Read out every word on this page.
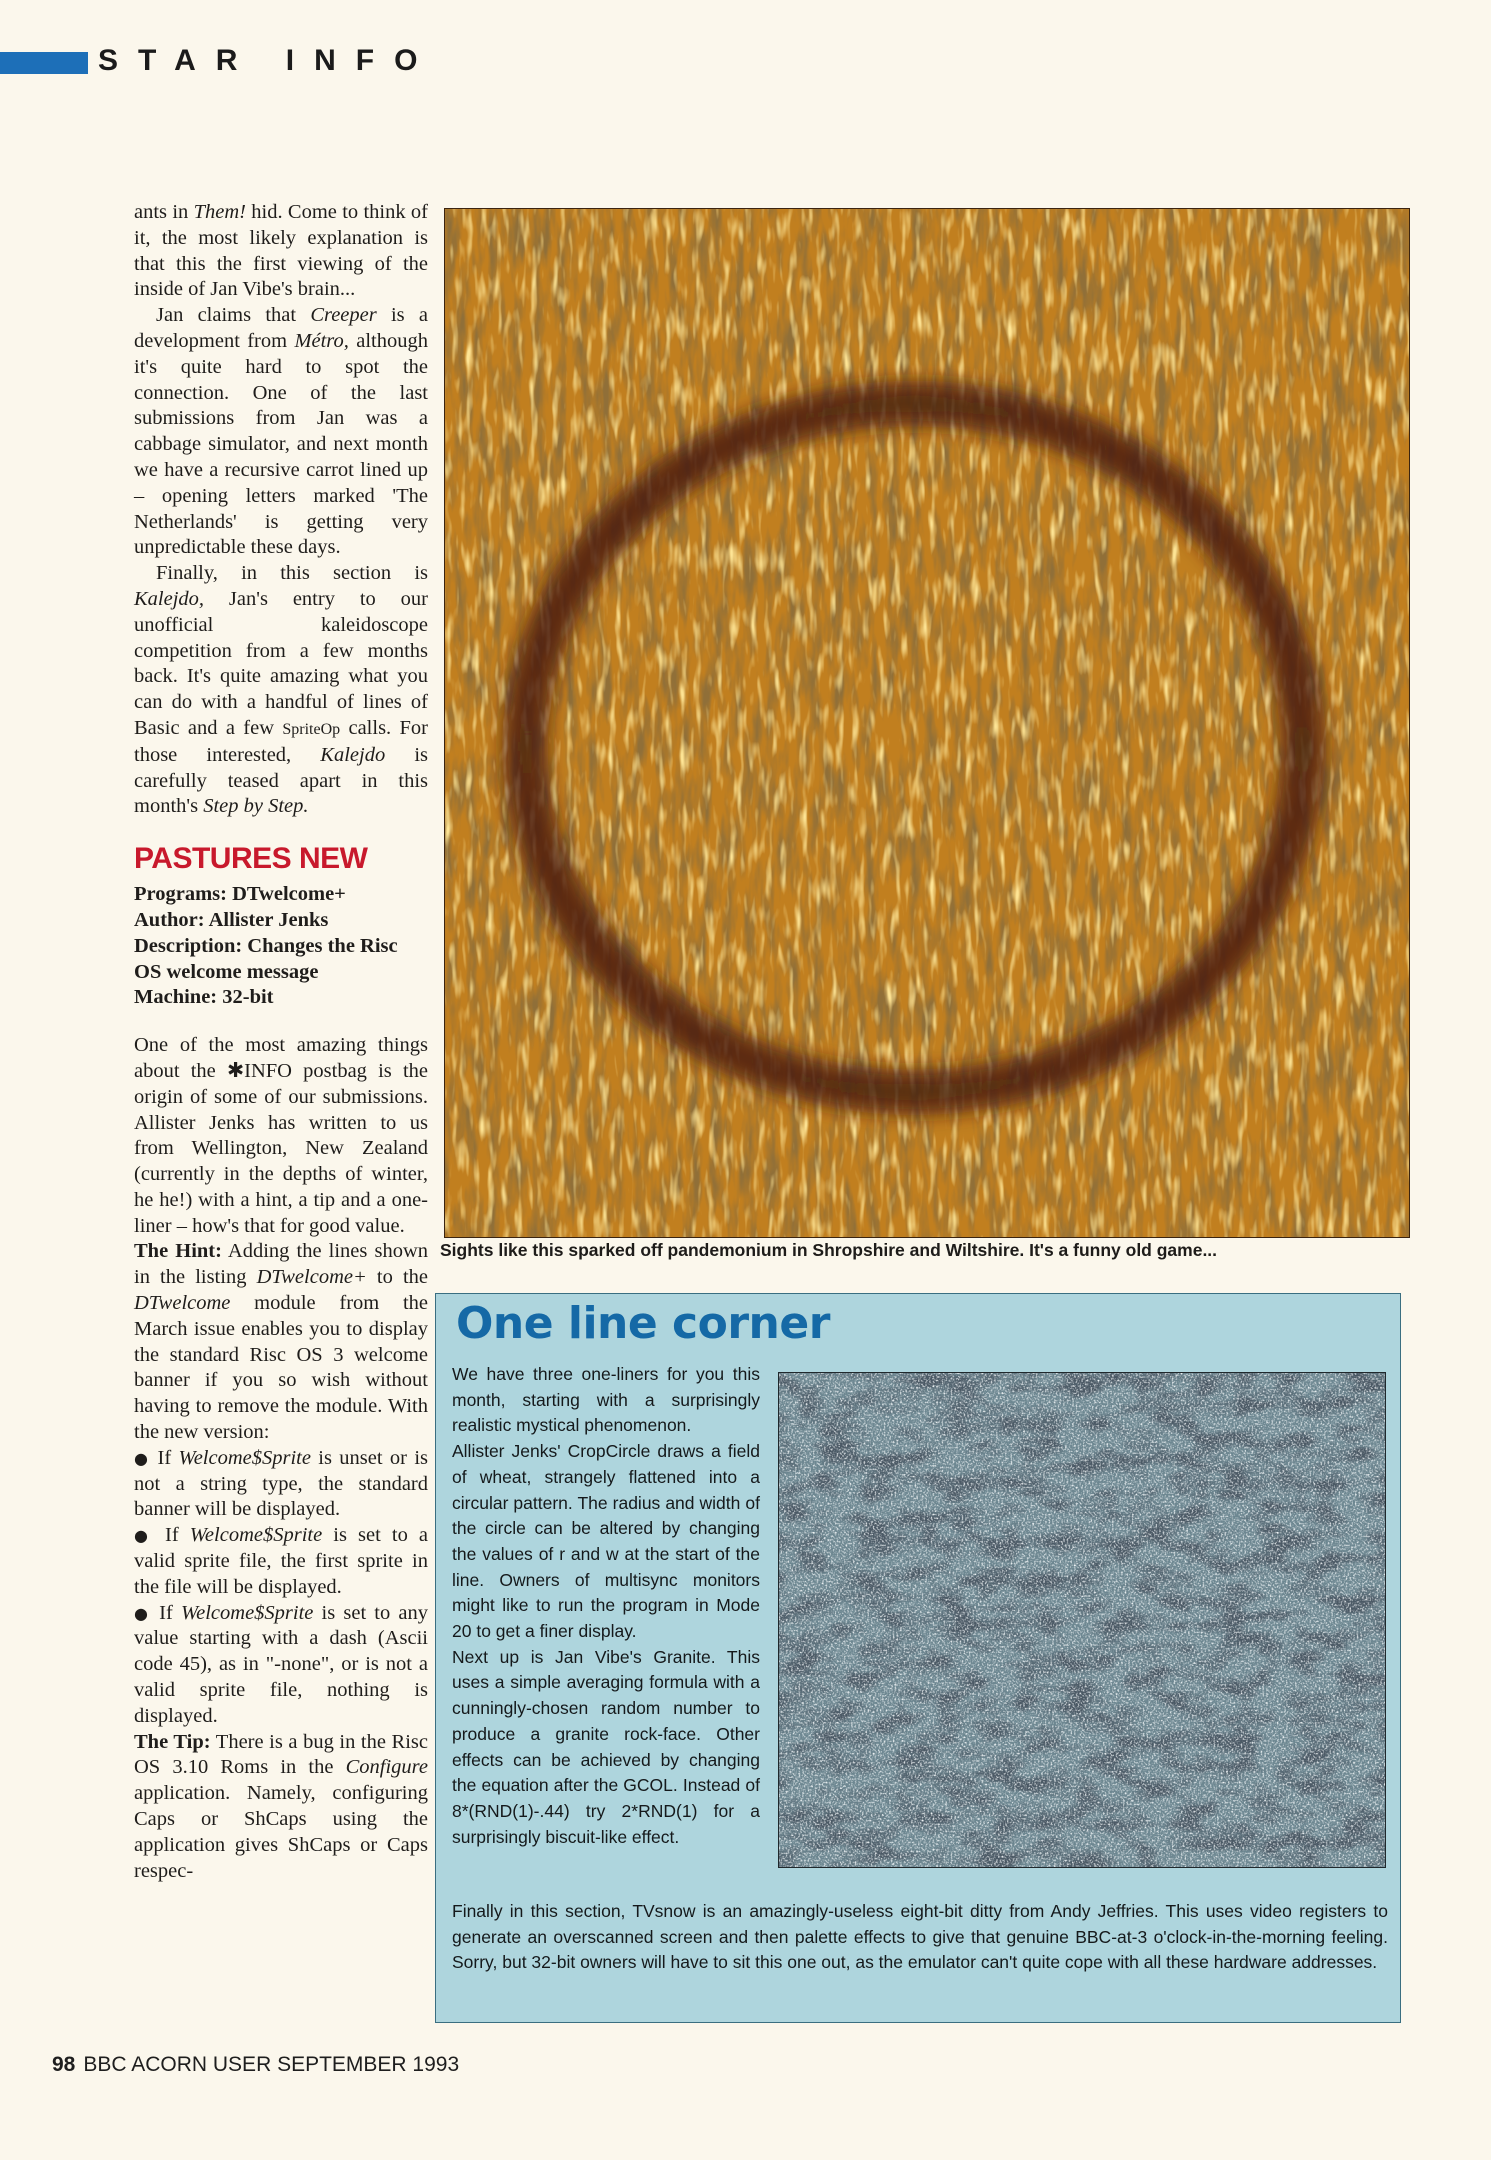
STAR INFO

ants in Them! hid. Come to think of it, the most likely explanation is that this the first viewing of the inside of Jan Vibe's brain...

Jan claims that Creeper is a development from Métro, although it's quite hard to spot the connection. One of the last submissions from Jan was a cabbage simulator, and next month we have a recursive carrot lined up – opening letters marked 'The Netherlands' is getting very unpredictable these days.

Finally, in this section is Kalejdo, Jan's entry to our unofficial kaleidoscope competition from a few months back. It's quite amazing what you can do with a handful of lines of Basic and a few SpriteOp calls. For those interested, Kalejdo is carefully teased apart in this month's Step by Step.

PASTURES NEW
Programs: DTwelcome+
Author: Allister Jenks
Description: Changes the Risc OS welcome message
Machine: 32-bit

One of the most amazing things about the ✱INFO postbag is the origin of some of our submissions. Allister Jenks has written to us from Wellington, New Zealand (currently in the depths of winter, he he!) with a hint, a tip and a one-liner – how's that for good value.

The Hint: Adding the lines shown in the listing DTwelcome+ to the DTwelcome module from the March issue enables you to display the standard Risc OS 3 welcome banner if you so wish without having to remove the module. With the new version:

● If Welcome$Sprite is unset or is not a string type, the standard banner will be displayed.

● If Welcome$Sprite is set to a valid sprite file, the first sprite in the file will be displayed.

● If Welcome$Sprite is set to any value starting with a dash (Ascii code 45), as in "-none", or is not a valid sprite file, nothing is displayed.

The Tip: There is a bug in the Risc OS 3.10 Roms in the Configure application. Namely, configuring Caps or ShCaps using the application gives ShCaps or Caps respec-

Sights like this sparked off pandemonium in Shropshire and Wiltshire. It's a funny old game...
One line corner

We have three one-liners for you this month, starting with a surprisingly realistic mystical phenomenon.

Allister Jenks' CropCircle draws a field of wheat, strangely flattened into a circular pattern. The radius and width of the circle can be altered by changing the values of r and w at the start of the line. Owners of multisync monitors might like to run the program in Mode 20 to get a finer display.

Next up is Jan Vibe's Granite. This uses a simple averaging formula with a cunningly-chosen random number to produce a granite rock-face. Other effects can be achieved by changing the equation after the GCOL. Instead of 8*(RND(1)-.44) try 2*RND(1) for a surprisingly biscuit-like effect.

Finally in this section, TVsnow is an amazingly-useless eight-bit ditty from Andy Jeffries. This uses video registers to generate an overscanned screen and then palette effects to give that genuine BBC-at-3 o'clock-in-the-morning feeling. Sorry, but 32-bit owners will have to sit this one out, as the emulator can't quite cope with all these hardware addresses.
98 BBC ACORN USER SEPTEMBER 1993
